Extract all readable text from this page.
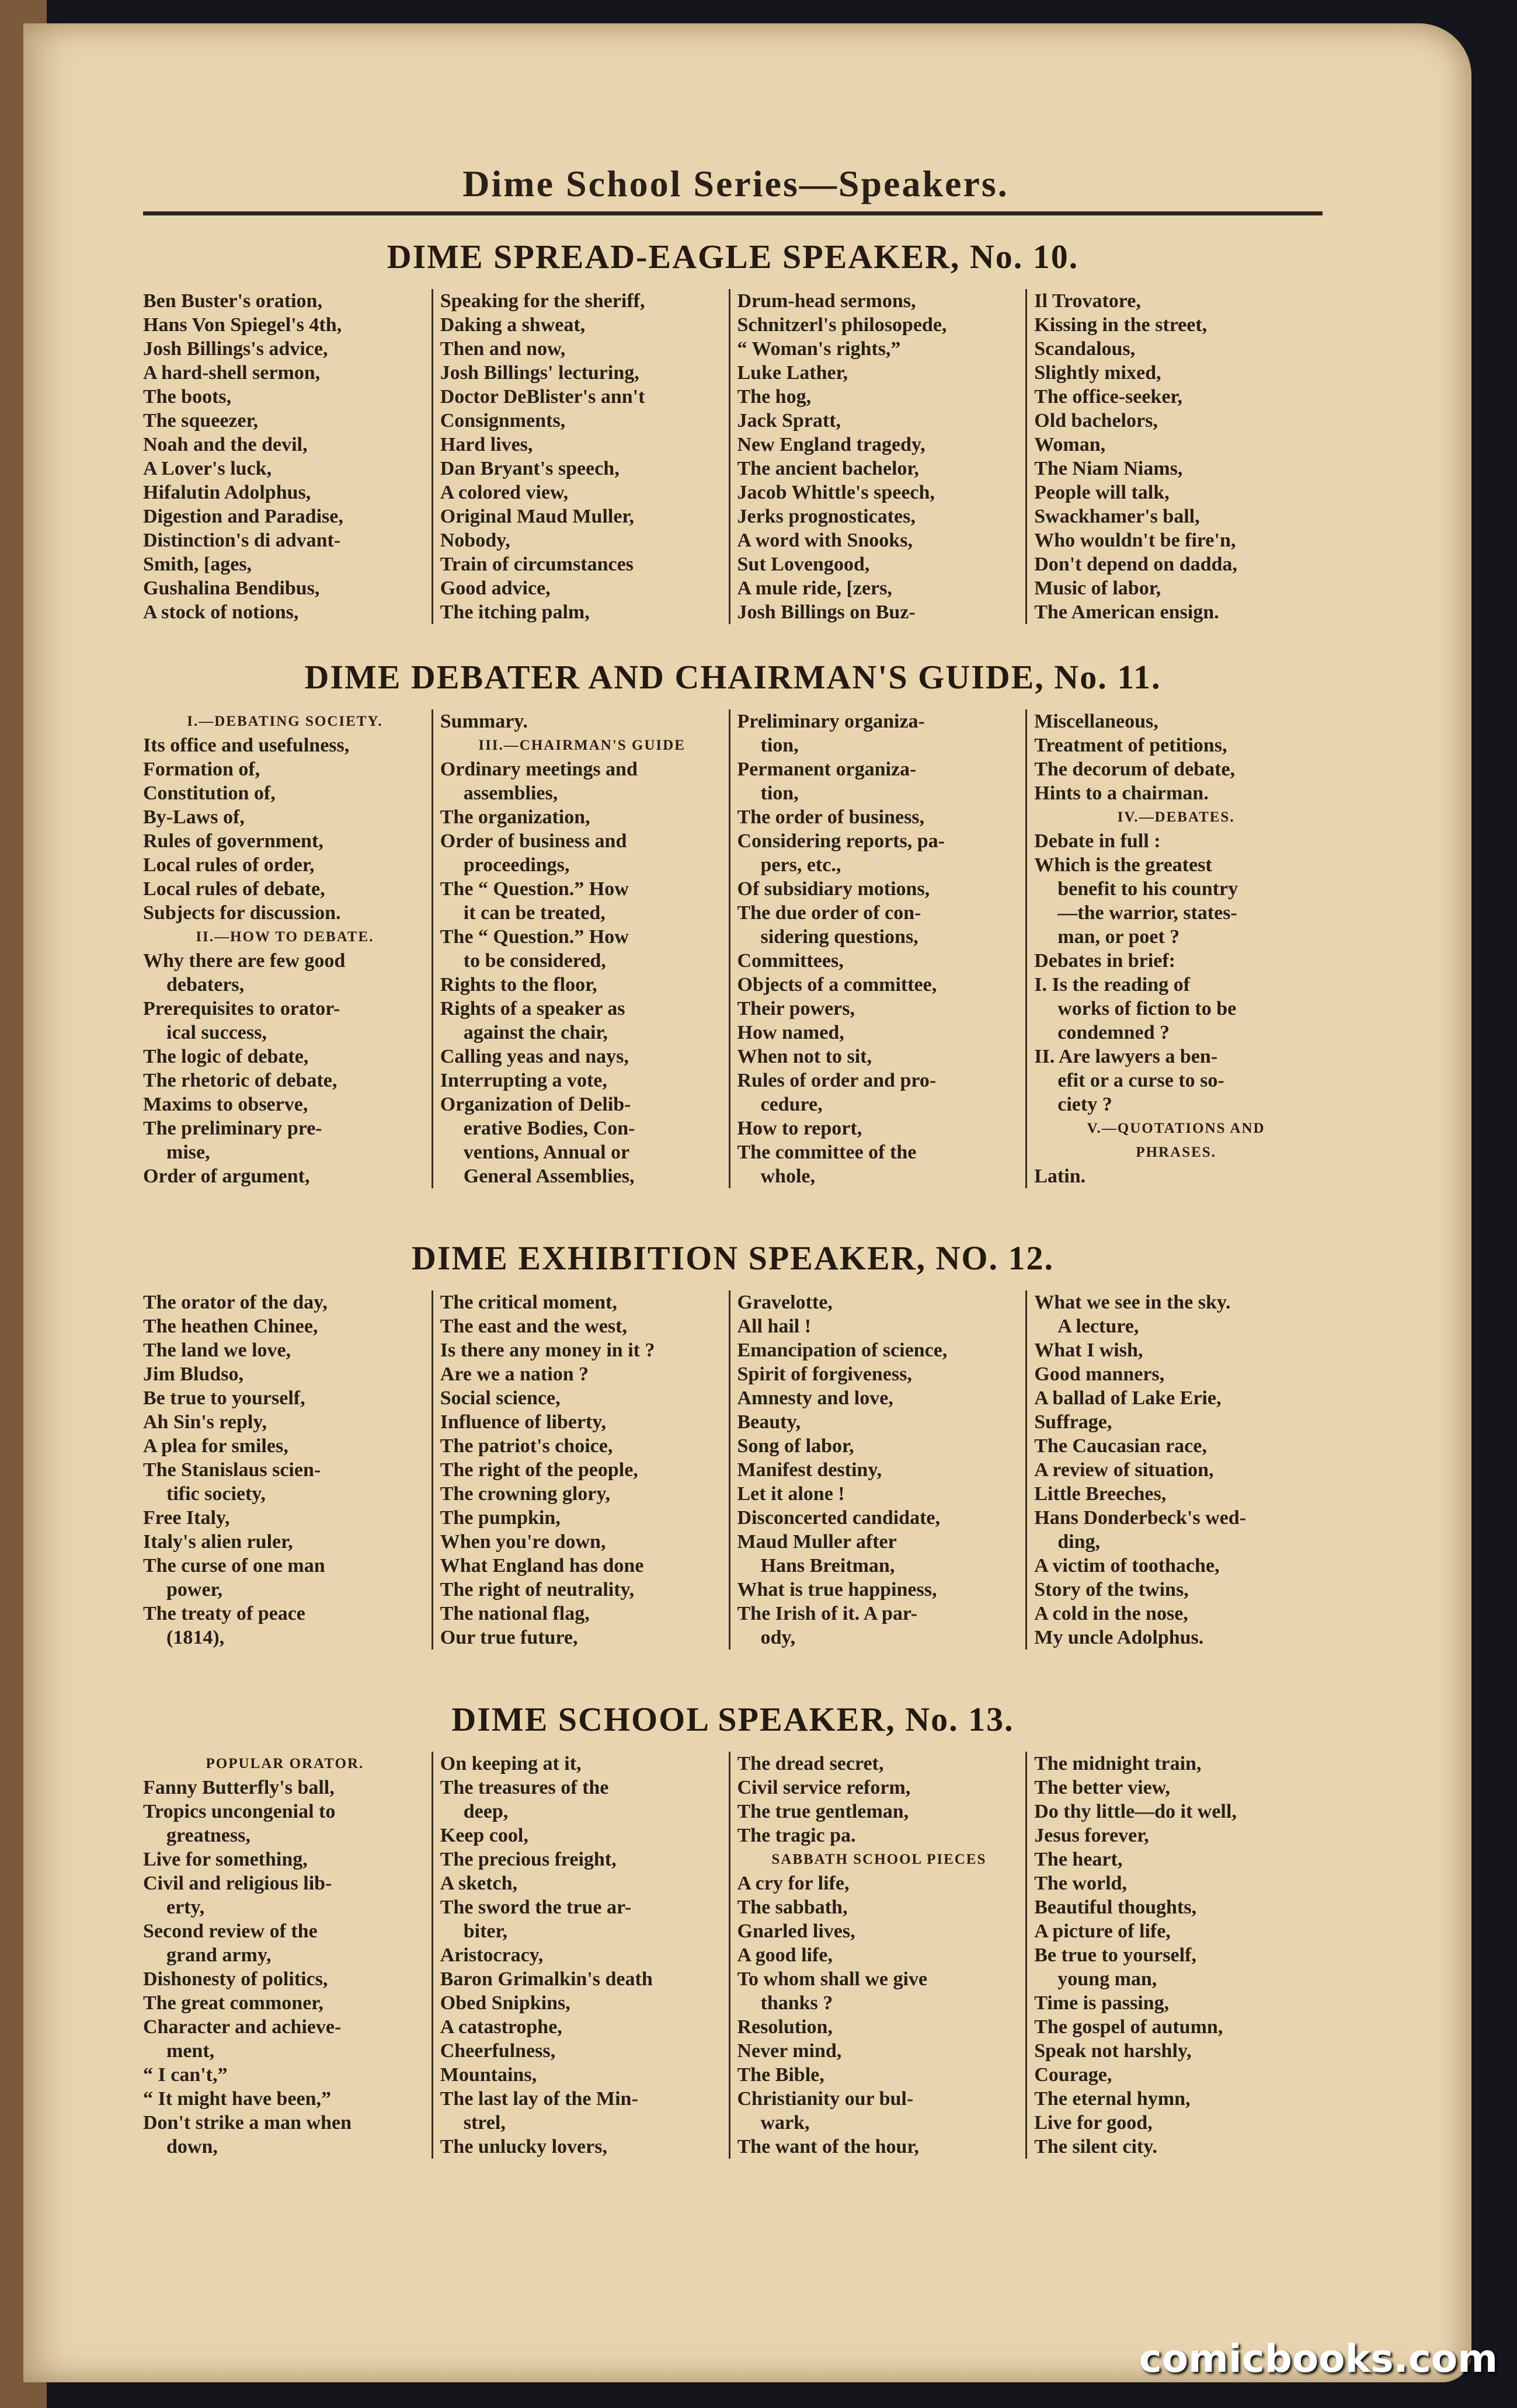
Dime School Series—Speakers.
DIME SPREAD-EAGLE SPEAKER, No. 10.
Ben Buster's oration,
Hans Von Spiegel's 4th,
Josh Billings's advice,
A hard-shell sermon,
The boots,
The squeezer,
Noah and the devil,
A Lover's luck,
Hifalutin Adolphus,
Digestion and Paradise,
Distinction's di advant-
Smith, [ages,
Gushalina Bendibus,
A stock of notions,
Speaking for the sheriff,
Daking a shweat,
Then and now,
Josh Billings' lecturing,
Doctor DeBlister's ann't
Consignments,
Hard lives,
Dan Bryant's speech,
A colored view,
Original Maud Muller,
Nobody,
Train of circumstances
Good advice,
The itching palm,
Drum-head sermons,
Schnitzerl's philosopede,
“ Woman's rights,”
Luke Lather,
The hog,
Jack Spratt,
New England tragedy,
The ancient bachelor,
Jacob Whittle's speech,
Jerks prognosticates,
A word with Snooks,
Sut Lovengood,
A mule ride, [zers,
Josh Billings on Buz-
Il Trovatore,
Kissing in the street,
Scandalous,
Slightly mixed,
The office-seeker,
Old bachelors,
Woman,
The Niam Niams,
People will talk,
Swackhamer's ball,
Who wouldn't be fire'n,
Don't depend on dadda,
Music of labor,
The American ensign.
DIME DEBATER AND CHAIRMAN'S GUIDE, No. 11.
I.—DEBATING SOCIETY.
Its office and usefulness,
Formation of,
Constitution of,
By-Laws of,
Rules of government,
Local rules of order,
Local rules of debate,
Subjects for discussion.
II.—HOW TO DEBATE.
Why there are few good
debaters,
Prerequisites to orator-
ical success,
The logic of debate,
The rhetoric of debate,
Maxims to observe,
The preliminary pre-
mise,
Order of argument,
Summary.
III.—CHAIRMAN'S GUIDE
Ordinary meetings and
assemblies,
The organization,
Order of business and
proceedings,
The “ Question.” How
it can be treated,
The “ Question.” How
to be considered,
Rights to the floor,
Rights of a speaker as
against the chair,
Calling yeas and nays,
Interrupting a vote,
Organization of Delib-
erative Bodies, Con-
ventions, Annual or
General Assemblies,
Preliminary organiza-
tion,
Permanent organiza-
tion,
The order of business,
Considering reports, pa-
pers, etc.,
Of subsidiary motions,
The due order of con-
sidering questions,
Committees,
Objects of a committee,
Their powers,
How named,
When not to sit,
Rules of order and pro-
cedure,
How to report,
The committee of the
whole,
Miscellaneous,
Treatment of petitions,
The decorum of debate,
Hints to a chairman.
IV.—DEBATES.
Debate in full :
Which is the greatest
benefit to his country
—the warrior, states-
man, or poet ?
Debates in brief:
I. Is the reading of
works of fiction to be
condemned ?
II. Are lawyers a ben-
efit or a curse to so-
ciety ?
V.—QUOTATIONS AND
PHRASES.
Latin.
DIME EXHIBITION SPEAKER, NO. 12.
The orator of the day,
The heathen Chinee,
The land we love,
Jim Bludso,
Be true to yourself,
Ah Sin's reply,
A plea for smiles,
The Stanislaus scien-
tific society,
Free Italy,
Italy's alien ruler,
The curse of one man
power,
The treaty of peace
(1814),
The critical moment,
The east and the west,
Is there any money in it ?
Are we a nation ?
Social science,
Influence of liberty,
The patriot's choice,
The right of the people,
The crowning glory,
The pumpkin,
When you're down,
What England has done
The right of neutrality,
The national flag,
Our true future,
Gravelotte,
All hail !
Emancipation of science,
Spirit of forgiveness,
Amnesty and love,
Beauty,
Song of labor,
Manifest destiny,
Let it alone !
Disconcerted candidate,
Maud Muller after
Hans Breitman,
What is true happiness,
The Irish of it. A par-
ody,
What we see in the sky.
A lecture,
What I wish,
Good manners,
A ballad of Lake Erie,
Suffrage,
The Caucasian race,
A review of situation,
Little Breeches,
Hans Donderbeck's wed-
ding,
A victim of toothache,
Story of the twins,
A cold in the nose,
My uncle Adolphus.
DIME SCHOOL SPEAKER, No. 13.
POPULAR ORATOR.
Fanny Butterfly's ball,
Tropics uncongenial to
greatness,
Live for something,
Civil and religious lib-
erty,
Second review of the
grand army,
Dishonesty of politics,
The great commoner,
Character and achieve-
ment,
“ I can't,”
“ It might have been,”
Don't strike a man when
down,
On keeping at it,
The treasures of the
deep,
Keep cool,
The precious freight,
A sketch,
The sword the true ar-
biter,
Aristocracy,
Baron Grimalkin's death
Obed Snipkins,
A catastrophe,
Cheerfulness,
Mountains,
The last lay of the Min-
strel,
The unlucky lovers,
The dread secret,
Civil service reform,
The true gentleman,
The tragic pa.
SABBATH SCHOOL PIECES
A cry for life,
The sabbath,
Gnarled lives,
A good life,
To whom shall we give
thanks ?
Resolution,
Never mind,
The Bible,
Christianity our bul-
wark,
The want of the hour,
The midnight train,
The better view,
Do thy little—do it well,
Jesus forever,
The heart,
The world,
Beautiful thoughts,
A picture of life,
Be true to yourself,
young man,
Time is passing,
The gospel of autumn,
Speak not harshly,
Courage,
The eternal hymn,
Live for good,
The silent city.
comicbooks.com
